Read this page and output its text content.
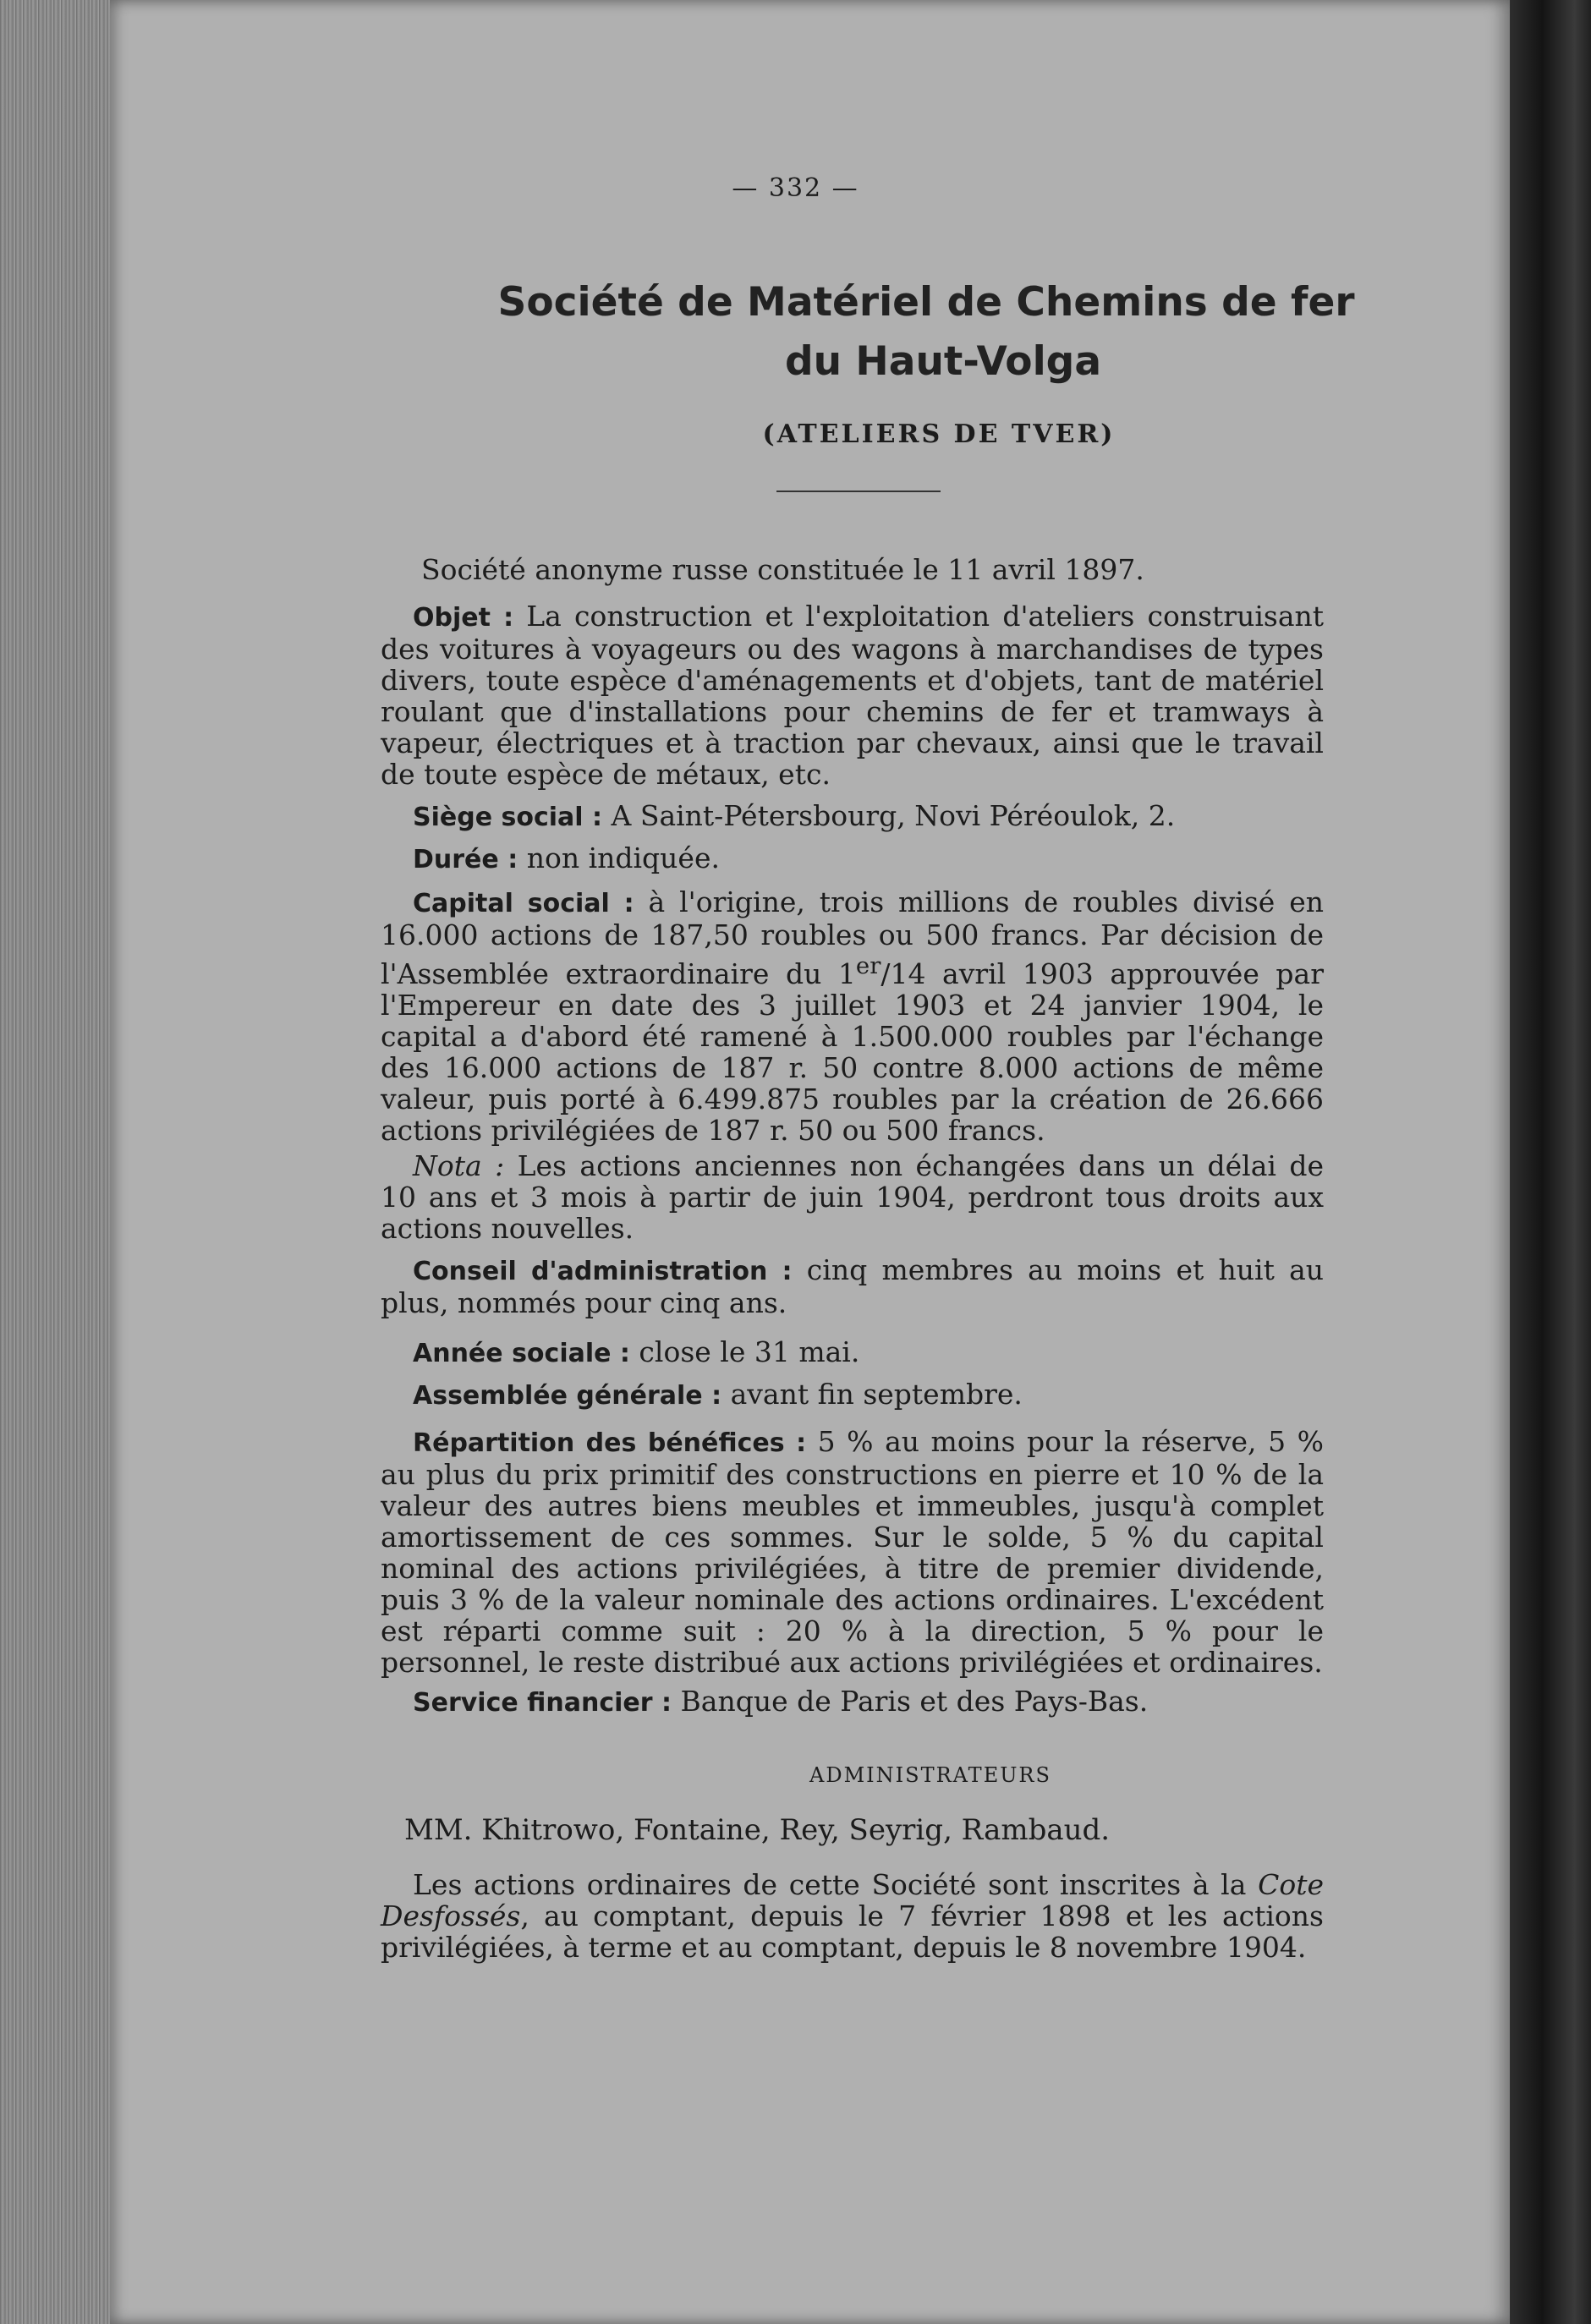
— 332 —
Société de Matériel de Chemins de fer
du Haut-Volga
(ATELIERS DE TVER)
Société anonyme russe constituée le 11 avril 1897.
Objet : La construction et l'exploitation d'ateliers construisant des voitures à voyageurs ou des wagons à marchandises de types divers, toute espèce d'aménagements et d'objets, tant de matériel roulant que d'installations pour chemins de fer et tramways à vapeur, électriques et à traction par chevaux, ainsi que le travail de toute espèce de métaux, etc.
Siège social : A Saint-Pétersbourg, Novi Péréoulok, 2.
Durée : non indiquée.
Capital social : à l'origine, trois millions de roubles divisé en 16.000 actions de 187,50 roubles ou 500 francs. Par décision de l'Assemblée extraordinaire du 1er/14 avril 1903 approuvée par l'Empereur en date des 3 juillet 1903 et 24 janvier 1904, le capital a d'abord été ramené à 1.500.000 roubles par l'échange des 16.000 actions de 187 r. 50 contre 8.000 actions de même valeur, puis porté à 6.499.875 roubles par la création de 26.666 actions privilégiées de 187 r. 50 ou 500 francs.
Nota : Les actions anciennes non échangées dans un délai de 10 ans et 3 mois à partir de juin 1904, perdront tous droits aux actions nouvelles.
Conseil d'administration : cinq membres au moins et huit au plus, nommés pour cinq ans.
Année sociale : close le 31 mai.
Assemblée générale : avant fin septembre.
Répartition des bénéfices : 5 % au moins pour la réserve, 5 % au plus du prix primitif des constructions en pierre et 10 % de la valeur des autres biens meubles et immeubles, jusqu'à complet amortissement de ces sommes. Sur le solde, 5 % du capital nominal des actions privilégiées, à titre de premier dividende, puis 3 % de la valeur nominale des actions ordinaires. L'excédent est réparti comme suit : 20 % à la direction, 5 % pour le personnel, le reste distribué aux actions privilégiées et ordinaires.
Service financier : Banque de Paris et des Pays-Bas.
ADMINISTRATEURS
MM. Khitrowo, Fontaine, Rey, Seyrig, Rambaud.
Les actions ordinaires de cette Société sont inscrites à la Cote Desfossés, au comptant, depuis le 7 février 1898 et les actions privilégiées, à terme et au comptant, depuis le 8 novembre 1904.
